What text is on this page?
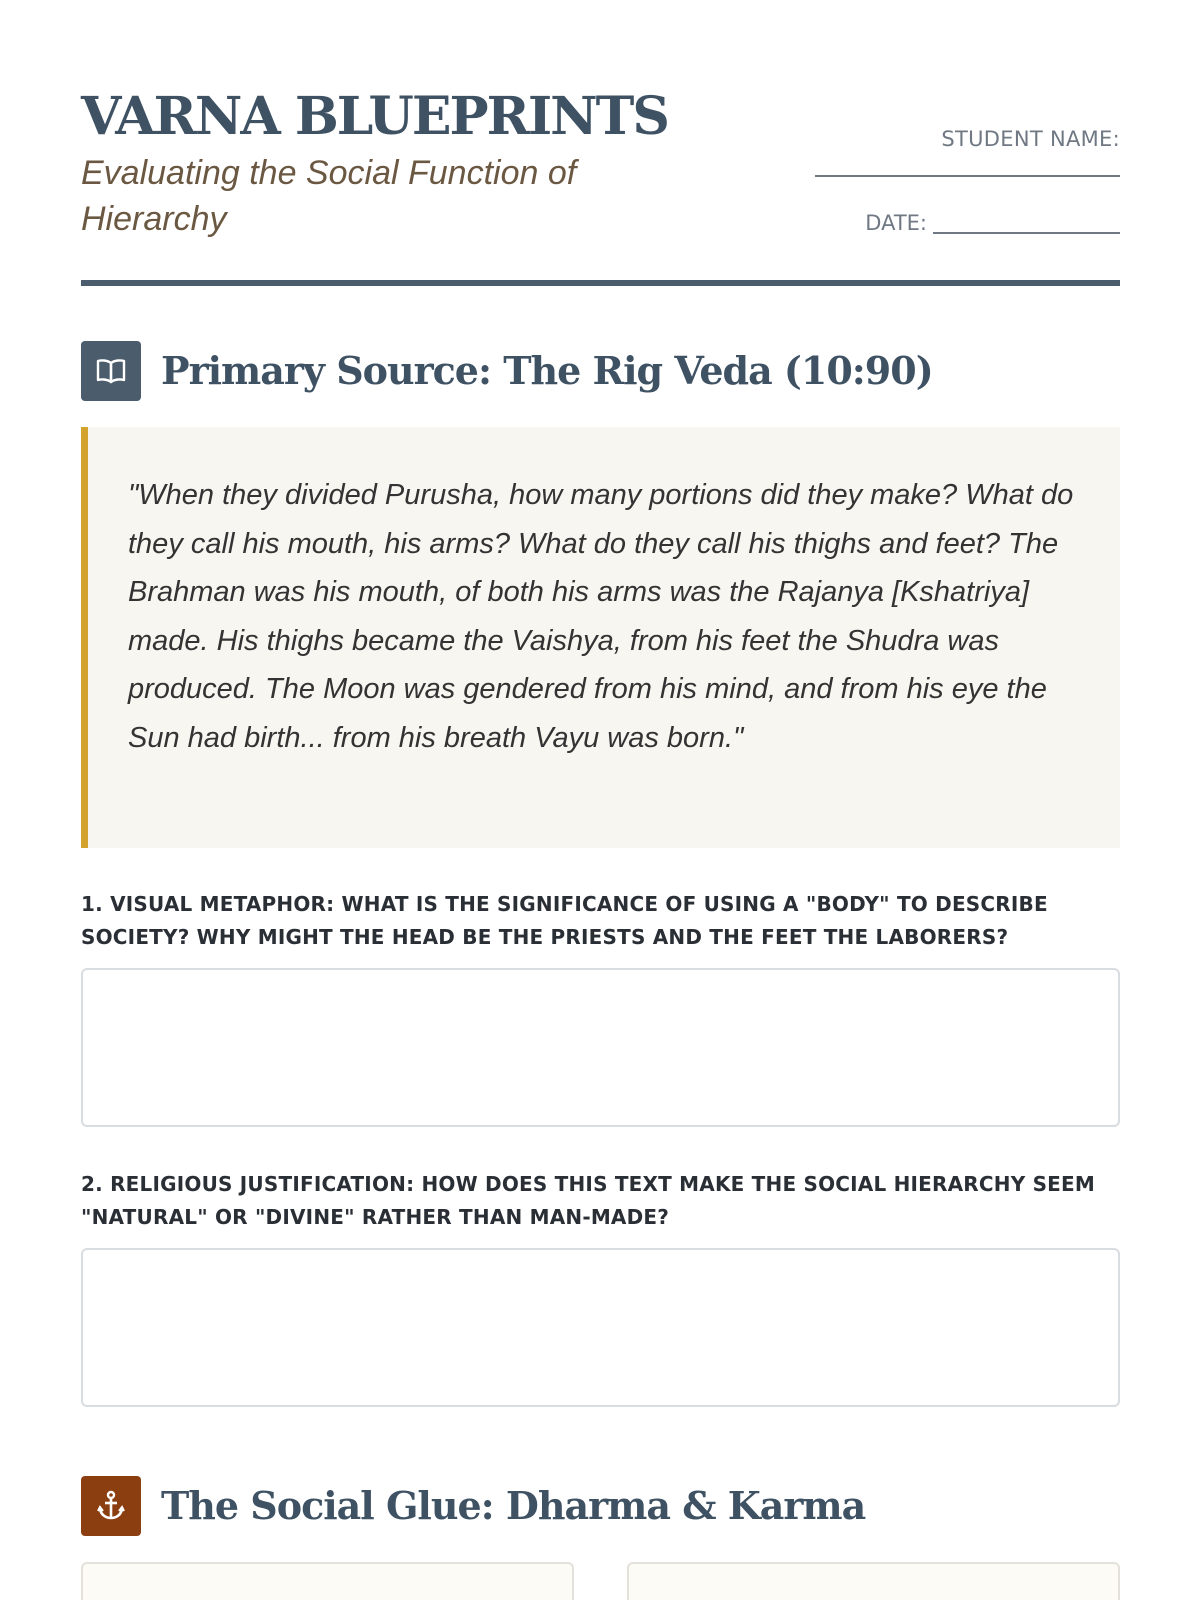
VARNA BLUEPRINTS

Evaluating the Social Function of Hierarchy

STUDENT NAME:
DATE:
Primary Source: The Rig Veda (10:90)

"When they divided Purusha, how many portions did they make? What do they call his mouth, his arms? What do they call his thighs and feet? The Brahman was his mouth, of both his arms was the Rajanya [Kshatriya] made. His thighs became the Vaishya, from his feet the Shudra was produced. The Moon was gendered from his mind, and from his eye the Sun had birth... from his breath Vayu was born."

1. VISUAL METAPHOR: WHAT IS THE SIGNIFICANCE OF USING A "BODY" TO DESCRIBE SOCIETY? WHY MIGHT THE HEAD BE THE PRIESTS AND THE FEET THE LABORERS?

2. RELIGIOUS JUSTIFICATION: HOW DOES THIS TEXT MAKE THE SOCIAL HIERARCHY SEEM "NATURAL" OR "DIVINE" RATHER THAN MAN-MADE?

The Social Glue: Dharma & Karma
